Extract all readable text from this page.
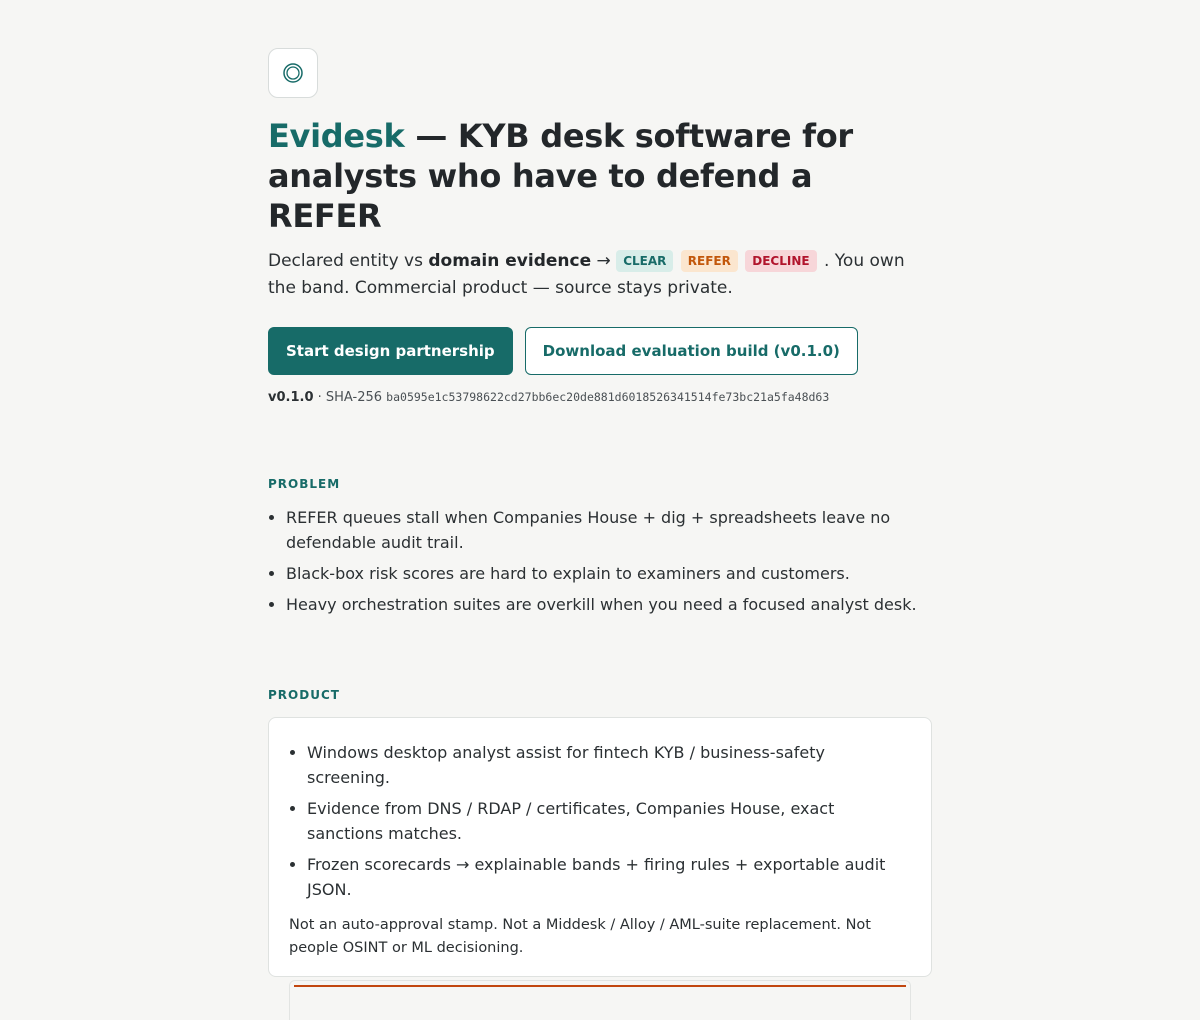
Evidesk — KYB desk software for analysts who have to defend a REFER

Declared entity vs domain evidence → CLEAR REFER DECLINE . You own the band. Commercial product — source stays private.

Start design partnership	Download evaluation build (v0.1.0)
v0.1.0 · SHA-256 ba0595e1c53798622cd27bb6ec20de881d6018526341514fe73bc21a5fa48d63
PROBLEM
• REFER queues stall when Companies House + dig + spreadsheets leave no defendable audit trail.
• Black-box risk scores are hard to explain to examiners and customers.
• Heavy orchestration suites are overkill when you need a focused analyst desk.
PRODUCT
• Windows desktop analyst assist for fintech KYB / business-safety screening.
• Evidence from DNS / RDAP / certificates, Companies House, exact sanctions matches.
• Frozen scorecards → explainable bands + firing rules + exportable audit JSON.
Not an auto-approval stamp. Not a Middesk / Alloy / AML-suite replacement. Not people OSINT or ML decisioning.
